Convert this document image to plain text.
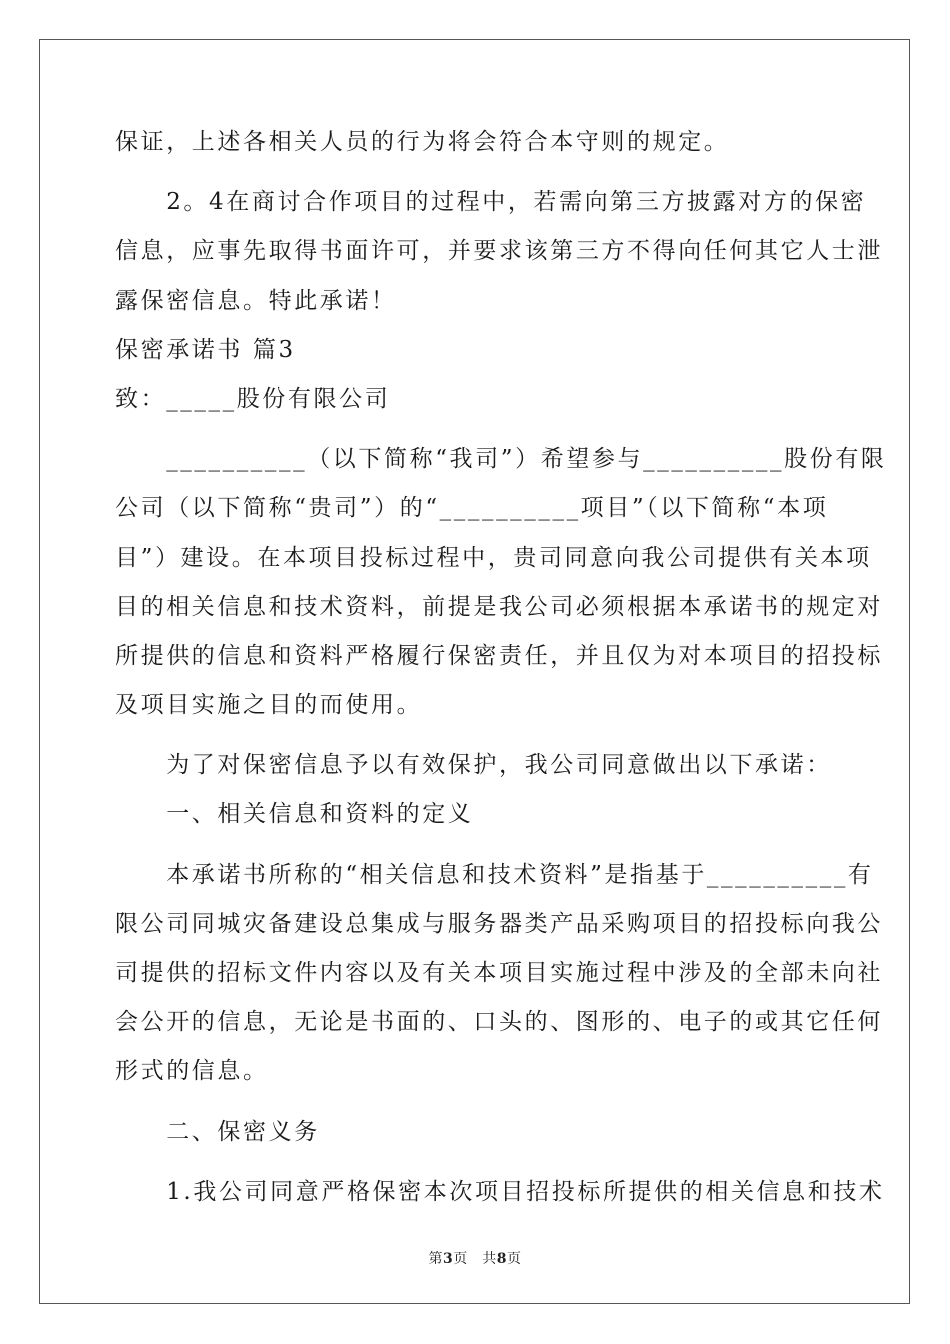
保证，上述各相关人员的行为将会符合本守则的规定。
　　2。4在商讨合作项目的过程中，若需向第三方披露对方的保密
信息，应事先取得书面许可，并要求该第三方不得向任何其它人士泄
露保密信息。特此承诺！
保密承诺书 篇3
致：_____股份有限公司
　　__________（以下简称“我司”）希望参与__________股份有限
公司（以下简称“贵司”）的“__________项目”（以下简称“本项
目”）建设。在本项目投标过程中，贵司同意向我公司提供有关本项
目的相关信息和技术资料，前提是我公司必须根据本承诺书的规定对
所提供的信息和资料严格履行保密责任，并且仅为对本项目的招投标
及项目实施之目的而使用。
　　为了对保密信息予以有效保护，我公司同意做出以下承诺：
　　一、相关信息和资料的定义
　　本承诺书所称的“相关信息和技术资料”是指基于__________有
限公司同城灾备建设总集成与服务器类产品采购项目的招投标向我公
司提供的招标文件内容以及有关本项目实施过程中涉及的全部未向社
会公开的信息，无论是书面的、口头的、图形的、电子的或其它任何
形式的信息。
　　二、保密义务
　　1.我公司同意严格保密本次项目招投标所提供的相关信息和技术
第3页　共8页
